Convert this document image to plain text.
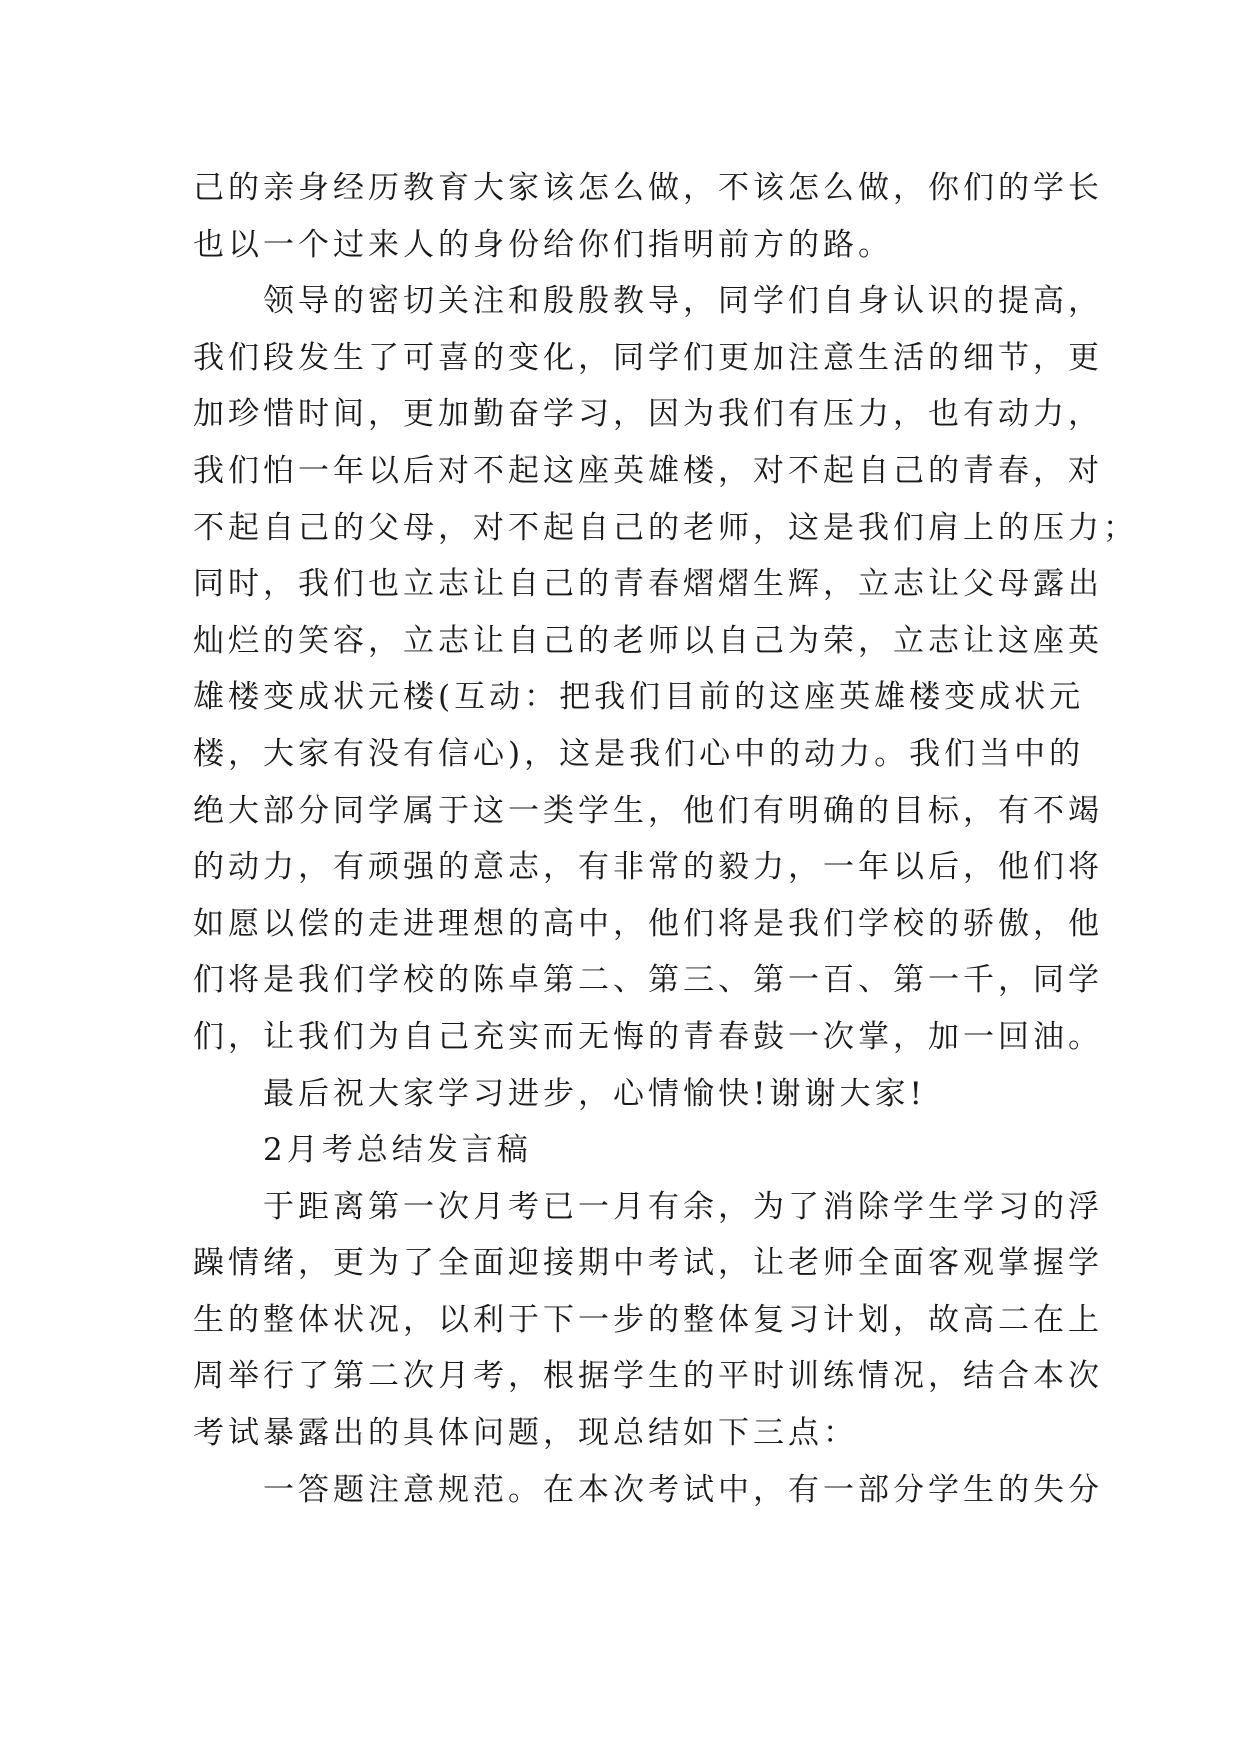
己的亲身经历教育大家该怎么做，不该怎么做，你们的学长
也以一个过来人的身份给你们指明前方的路。
领导的密切关注和殷殷教导，同学们自身认识的提高，
我们段发生了可喜的变化，同学们更加注意生活的细节，更
加珍惜时间，更加勤奋学习，因为我们有压力，也有动力，
我们怕一年以后对不起这座英雄楼，对不起自己的青春，对
不起自己的父母，对不起自己的老师，这是我们肩上的压力；
同时，我们也立志让自己的青春熠熠生辉，立志让父母露出
灿烂的笑容，立志让自己的老师以自己为荣，立志让这座英
雄楼变成状元楼(互动：把我们目前的这座英雄楼变成状元
楼，大家有没有信心)，这是我们心中的动力。我们当中的
绝大部分同学属于这一类学生，他们有明确的目标，有不竭
的动力，有顽强的意志，有非常的毅力，一年以后，他们将
如愿以偿的走进理想的高中，他们将是我们学校的骄傲，他
们将是我们学校的陈卓第二、第三、第一百、第一千，同学
们，让我们为自己充实而无悔的青春鼓一次掌，加一回油。
最后祝大家学习进步，心情愉快!谢谢大家!
2月考总结发言稿
于距离第一次月考已一月有余，为了消除学生学习的浮
躁情绪，更为了全面迎接期中考试，让老师全面客观掌握学
生的整体状况，以利于下一步的整体复习计划，故高二在上
周举行了第二次月考，根据学生的平时训练情况，结合本次
考试暴露出的具体问题，现总结如下三点：
一答题注意规范。在本次考试中，有一部分学生的失分
